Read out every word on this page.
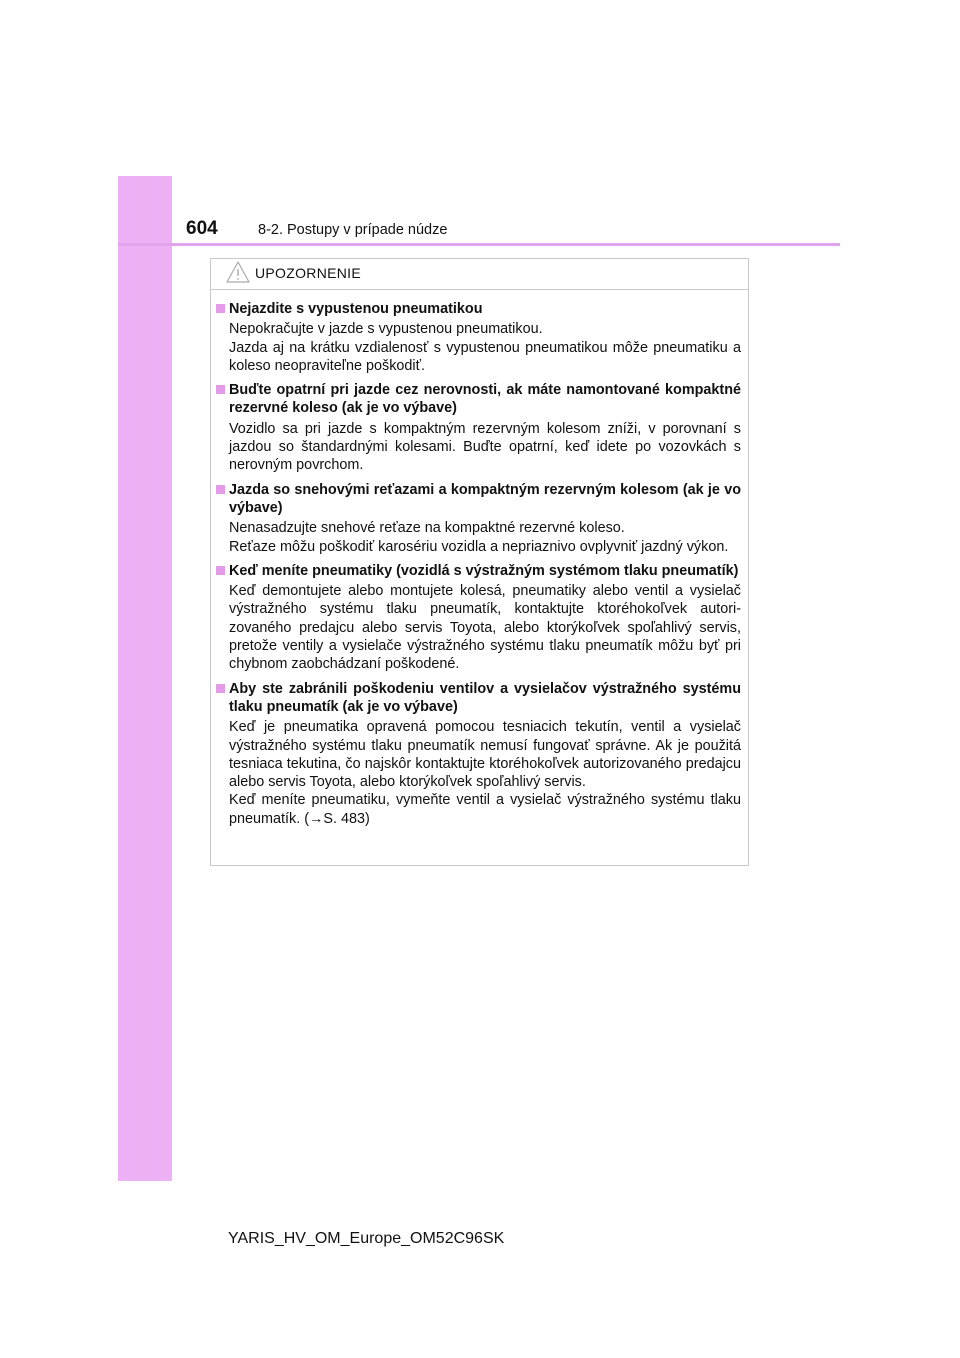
604	8-2. Postupy v prípade núdze
UPOZORNENIE
Nejazdite s vypustenou pneumatikou

Nepokračujte v jazde s vypustenou pneumatikou.

Jazda aj na krátku vzdialenosť s vypustenou pneumatikou môže pneumatiku a koleso neopraviteľne poškodiť.

Buďte opatrní pri jazde cez nerovnosti, ak máte namontované kompaktné rezervné koleso (ak je vo výbave)

Vozidlo sa pri jazde s kompaktným rezervným kolesom zníži, v porovnaní s jazdou so štandardnými kolesami. Buďte opatrní, keď idete po vozovkách s nerovným povrchom.

Jazda so snehovými reťazami a kompaktným rezervným kolesom (ak je vo výbave)

Nenasadzujte snehové reťaze na kompaktné rezervné koleso.

Reťaze môžu poškodiť karosériu vozidla a nepriaznivo ovplyvniť jazdný výkon.

Keď meníte pneumatiky (vozidlá s výstražným systémom tlaku pneumatík)

Keď demontujete alebo montujete kolesá, pneumatiky alebo ventil a vysielač výstražného systému tlaku pneumatík, kontaktujte ktoréhokoľvek autorizovaného predajcu alebo servis Toyota, alebo ktorýkoľvek spoľahlivý servis, pretože ventily a vysielače výstražného systému tlaku pneumatík môžu byť pri chybnom zaobchádzaní poškodené.

Aby ste zabránili poškodeniu ventilov a vysielačov výstražného systému tlaku pneumatík (ak je vo výbave)

Keď je pneumatika opravená pomocou tesniacich tekutín, ventil a vysielač výstražného systému tlaku pneumatík nemusí fungovať správne. Ak je použitá tesniaca tekutina, čo najskôr kontaktujte ktoréhokoľvek autorizovaného predajcu alebo servis Toyota, alebo ktorýkoľvek spoľahlivý servis.

Keď meníte pneumatiku, vymeňte ventil a vysielač výstražného systému tlaku pneumatík. (→S. 483)

YARIS_HV_OM_Europe_OM52C96SK
